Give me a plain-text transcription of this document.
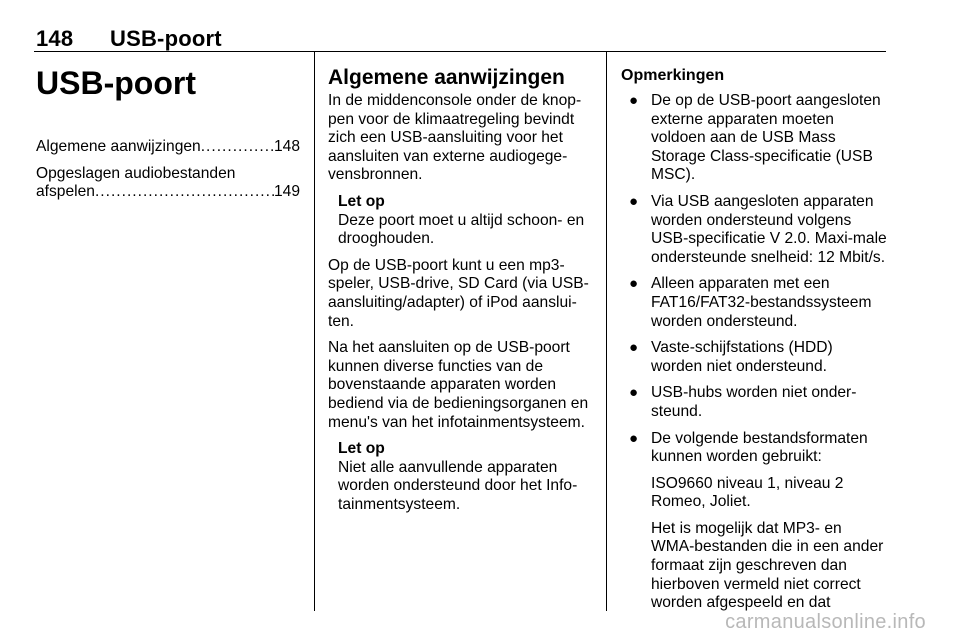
148 USB-poort
USB-poort
Algemene aanwijzingen .....	148
Opgeslagen audiobestanden
afspelen .....	149
Algemene aanwijzingen

In de middenconsole onder de knop-pen voor de klimaatregeling bevindt zich een USB-aansluiting voor het aansluiten van externe audiogege-vensbronnen.

Let op
Deze poort moet u altijd schoon- en drooghouden.

Op de USB-poort kunt u een mp3-speler, USB-drive, SD Card (via USB-aansluiting/adapter) of iPod aanslui-ten.

Na het aansluiten op de USB-poort kunnen diverse functies van de bovenstaande apparaten worden bediend via de bedieningsorganen en menu's van het infotainmentsysteem.

Let op
Niet alle aanvullende apparaten worden ondersteund door het Info-tainmentsysteem.
Opmerkingen
● De op de USB-poort aangesloten externe apparaten moeten voldoen aan de USB Mass Storage Class-specificatie (USB MSC).
● Via USB aangesloten apparaten worden ondersteund volgens USB-specificatie V 2.0. Maxi-male ondersteunde snelheid: 12 Mbit/s.
● Alleen apparaten met een FAT16/FAT32-bestandssysteem worden ondersteund.
● Vaste-schijfstations (HDD) worden niet ondersteund.
● USB-hubs worden niet onder-steund.
● De volgende bestandsformaten kunnen worden gebruikt:
ISO9660 niveau 1, niveau 2 Romeo, Joliet.
Het is mogelijk dat MP3- en WMA-bestanden die in een ander formaat zijn geschreven dan hierboven vermeld niet correct worden afgespeeld en dat
carmanualsonline.info
